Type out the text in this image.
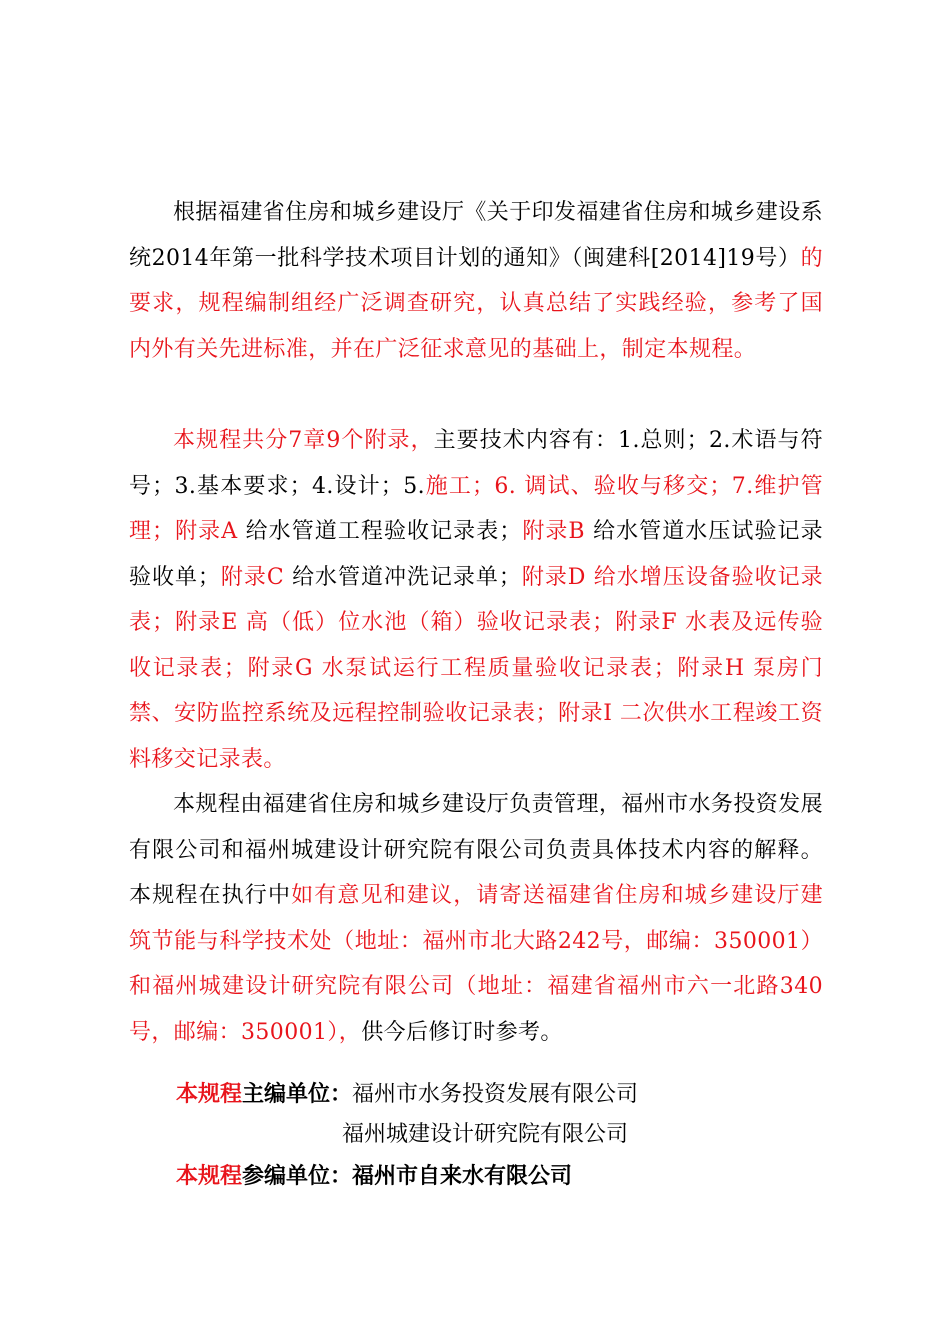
根据福建省住房和城乡建设厅《关于印发福建省住房和城乡建设系统2014年第一批科学技术项目计划的通知》（闽建科[2014]19号）的要求，规程编制组经广泛调查研究，认真总结了实践经验，参考了国内外有关先进标准，并在广泛征求意见的基础上，制定本规程。

本规程共分7章9个附录，主要技术内容有：1.总则；2.术语与符号；3.基本要求；4.设计；5.施工；6. 调试、验收与移交；7.维护管理；附录A 给水管道工程验收记录表；附录B 给水管道水压试验记录验收单；附录C 给水管道冲洗记录单；附录D 给水增压设备验收记录表；附录E 高（低）位水池（箱）验收记录表；附录F 水表及远传验收记录表；附录G 水泵试运行工程质量验收记录表；附录H 泵房门禁、安防监控系统及远程控制验收记录表；附录I 二次供水工程竣工资料移交记录表。

本规程由福建省住房和城乡建设厅负责管理，福州市水务投资发展有限公司和福州城建设计研究院有限公司负责具体技术内容的解释。本规程在执行中如有意见和建议，请寄送福建省住房和城乡建设厅建筑节能与科学技术处（地址：福州市北大路242号，邮编：350001）和福州城建设计研究院有限公司（地址：福建省福州市六一北路340号，邮编：350001），供今后修订时参考。

本规程主编单位：福州市水务投资发展有限公司
福州城建设计研究院有限公司
本规程参编单位：福州市自来水有限公司
